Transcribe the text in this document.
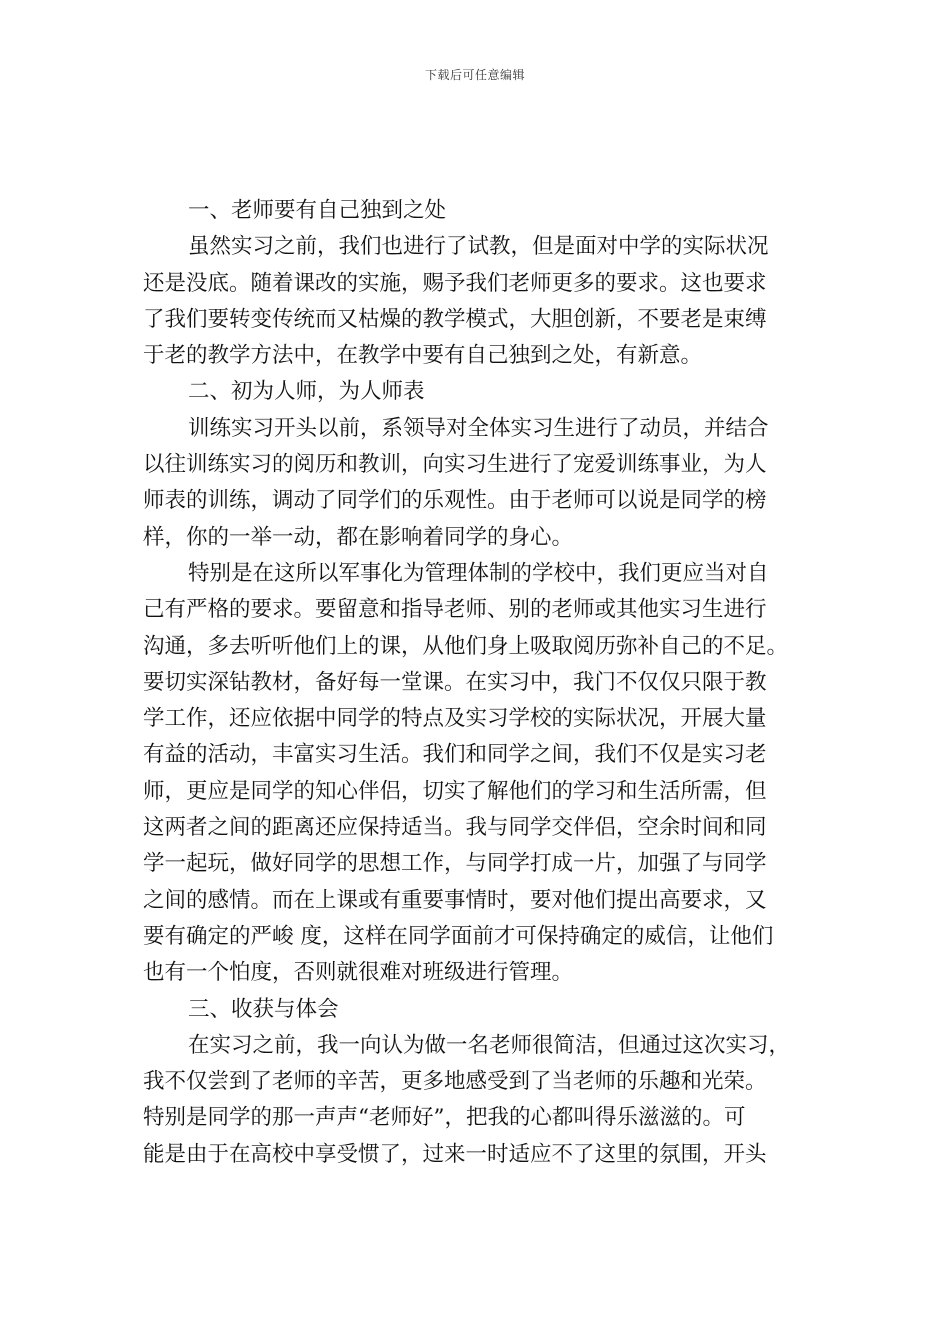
下载后可任意编辑
一、老师要有自己独到之处
虽然实习之前，我们也进行了试教，但是面对中学的实际状况
还是没底。随着课改的实施，赐予我们老师更多的要求。这也要求
了我们要转变传统而又枯燥的教学模式，大胆创新，不要老是束缚
于老的教学方法中，在教学中要有自己独到之处，有新意。
二、初为人师，为人师表
训练实习开头以前，系领导对全体实习生进行了动员，并结合
以往训练实习的阅历和教训，向实习生进行了宠爱训练事业，为人
师表的训练，调动了同学们的乐观性。由于老师可以说是同学的榜
样，你的一举一动，都在影响着同学的身心。
特别是在这所以军事化为管理体制的学校中，我们更应当对自
己有严格的要求。要留意和指导老师、别的老师或其他实习生进行
沟通，多去听听他们上的课，从他们身上吸取阅历弥补自己的不足。
要切实深钻教材，备好每一堂课。在实习中，我门不仅仅只限于教
学工作，还应依据中同学的特点及实习学校的实际状况，开展大量
有益的活动，丰富实习生活。我们和同学之间，我们不仅是实习老
师，更应是同学的知心伴侣，切实了解他们的学习和生活所需，但
这两者之间的距离还应保持适当。我与同学交伴侣，空余时间和同
学一起玩，做好同学的思想工作，与同学打成一片，加强了与同学
之间的感情。而在上课或有重要事情时，要对他们提出高要求，又
要有确定的严峻 度，这样在同学面前才可保持确定的威信，让他们
也有一个怕度，否则就很难对班级进行管理。
三、收获与体会
在实习之前，我一向认为做一名老师很简洁，但通过这次实习，
我不仅尝到了老师的辛苦，更多地感受到了当老师的乐趣和光荣。
特别是同学的那一声声“老师好”，把我的心都叫得乐滋滋的。可
能是由于在高校中享受惯了，过来一时适应不了这里的氛围，开头
